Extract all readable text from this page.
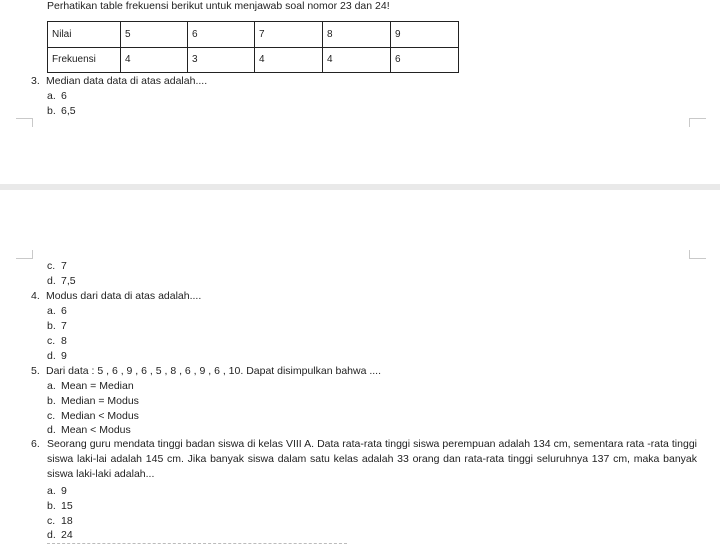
Perhatikan table frekuensi berikut untuk menjawab soal nomor 23 dan 24!
Nilai	5	6	7	8	9
Frekuensi	4	3	4	4	6
3. Median data data di atas adalah....
a. 6
b. 6,5
c. 7
d. 7,5
4. Modus dari data di atas adalah....
a. 6
b. 7
c. 8
d. 9
5. Dari data : 5 , 6 , 9 , 6 , 5 , 8 , 6 , 9 , 6 , 10. Dapat disimpulkan bahwa ....
a. Mean = Median
b. Median = Modus
c. Median < Modus
d. Mean < Modus
6. Seorang guru mendata tinggi badan siswa di kelas VIII A. Data rata-rata tinggi siswa perempuan adalah 134 cm, sementara rata -rata tinggi siswa laki-lai adalah 145 cm. Jika banyak siswa dalam satu kelas adalah 33 orang dan rata-rata tinggi seluruhnya 137 cm, maka banyak siswa laki-laki adalah...
a. 9
b. 15
c. 18
d. 24
